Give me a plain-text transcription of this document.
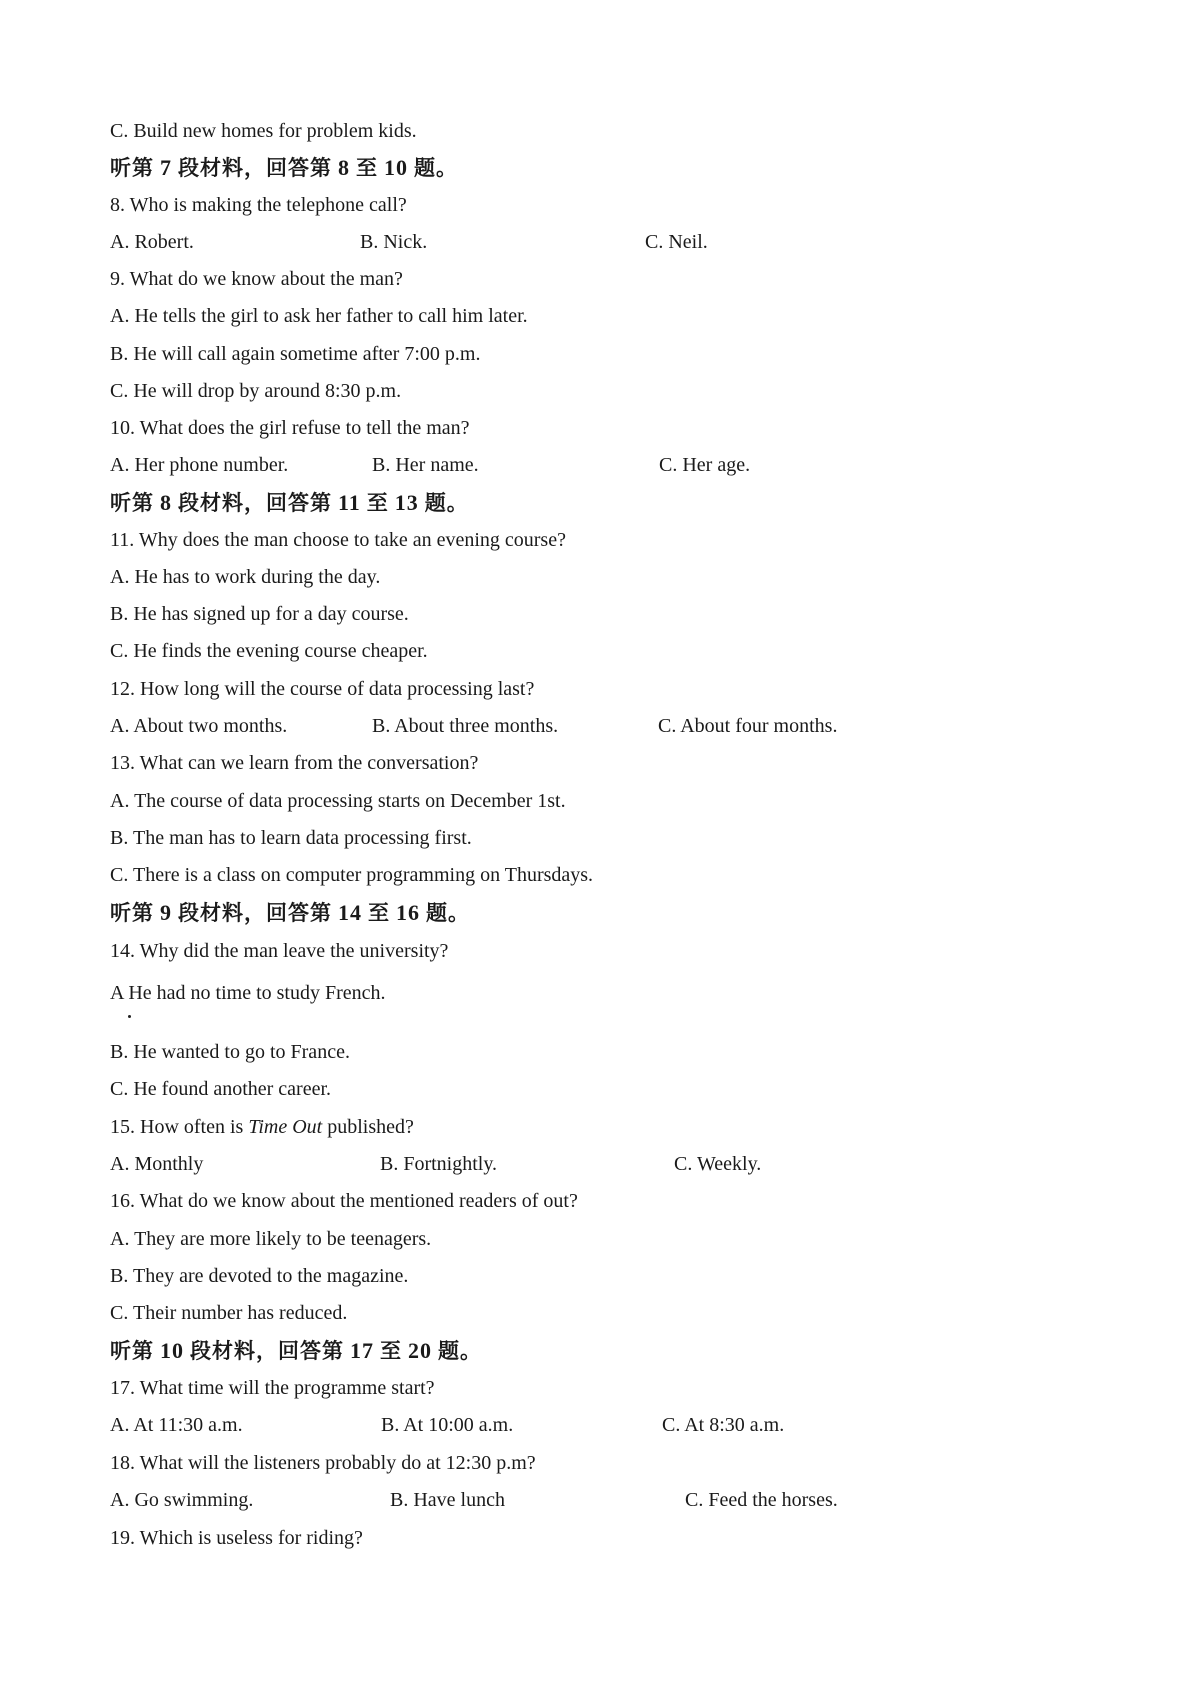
C. Build new homes for problem kids.
听第 7 段材料，回答第 8 至 10 题。
8. Who is making the telephone call?
A. Robert.	B. Nick.	C. Neil.
9. What do we know about the man?
A. He tells the girl to ask her father to call him later.
B. He will call again sometime after 7:00 p.m.
C. He will drop by around 8:30 p.m.
10. What does the girl refuse to tell the man?
A. Her phone number.	B. Her name.	C. Her age.
听第 8 段材料，回答第 11 至 13 题。
11. Why does the man choose to take an evening course?
A. He has to work during the day.
B. He has signed up for a day course.
C. He finds the evening course cheaper.
12. How long will the course of data processing last?
A. About two months.	B. About three months.	C. About four months.
13. What can we learn from the conversation?
A. The course of data processing starts on December 1st.
B. The man has to learn data processing first.
C. There is a class on computer programming on Thursdays.
听第 9 段材料，回答第 14 至 16 题。
14. Why did the man leave the university?
A He had no time to study French.
B. He wanted to go to France.
C. He found another career.
15. How often is Time Out published?
A. Monthly	B. Fortnightly.	C. Weekly.
16. What do we know about the mentioned readers of out?
A. They are more likely to be teenagers.
B. They are devoted to the magazine.
C. Their number has reduced.
听第 10 段材料，回答第 17 至 20 题。
17. What time will the programme start?
A. At 11:30 a.m.	B. At 10:00 a.m.	C. At 8:30 a.m.
18. What will the listeners probably do at 12:30 p.m?
A. Go swimming.	B. Have lunch	C. Feed the horses.
19. Which is useless for riding?
